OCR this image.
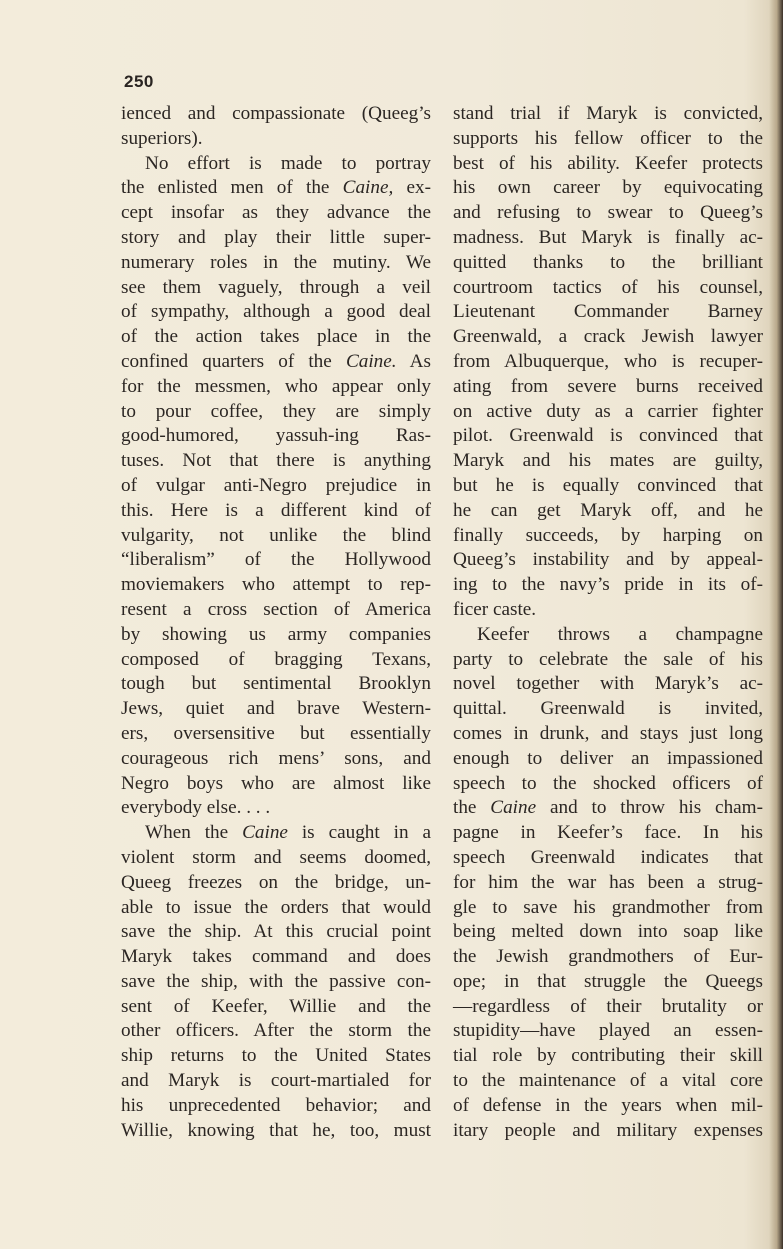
250
ienced and compassionate (Queeg’s
superiors).
No effort is made to portray
the enlisted men of the Caine, ex-
cept insofar as they advance the
story and play their little super-
numerary roles in the mutiny. We
see them vaguely, through a veil
of sympathy, although a good deal
of the action takes place in the
confined quarters of the Caine. As
for the messmen, who appear only
to pour coffee, they are simply
good-humored, yassuh-ing Ras-
tuses. Not that there is anything
of vulgar anti-Negro prejudice in
this. Here is a different kind of
vulgarity, not unlike the blind
“liberalism” of the Hollywood
moviemakers who attempt to rep-
resent a cross section of America
by showing us army companies
composed of bragging Texans,
tough but sentimental Brooklyn
Jews, quiet and brave Western-
ers, oversensitive but essentially
courageous rich mens’ sons, and
Negro boys who are almost like
everybody else. . . .
When the Caine is caught in a
violent storm and seems doomed,
Queeg freezes on the bridge, un-
able to issue the orders that would
save the ship. At this crucial point
Maryk takes command and does
save the ship, with the passive con-
sent of Keefer, Willie and the
other officers. After the storm the
ship returns to the United States
and Maryk is court-martialed for
his unprecedented behavior; and
Willie, knowing that he, too, must
stand trial if Maryk is convicted,
supports his fellow officer to the
best of his ability. Keefer protects
his own career by equivocating
and refusing to swear to Queeg’s
madness. But Maryk is finally ac-
quitted thanks to the brilliant
courtroom tactics of his counsel,
Lieutenant Commander Barney
Greenwald, a crack Jewish lawyer
from Albuquerque, who is recuper-
ating from severe burns received
on active duty as a carrier fighter
pilot. Greenwald is convinced that
Maryk and his mates are guilty,
but he is equally convinced that
he can get Maryk off, and he
finally succeeds, by harping on
Queeg’s instability and by appeal-
ing to the navy’s pride in its of-
ficer caste.
Keefer throws a champagne
party to celebrate the sale of his
novel together with Maryk’s ac-
quittal. Greenwald is invited,
comes in drunk, and stays just long
enough to deliver an impassioned
speech to the shocked officers of
the Caine and to throw his cham-
pagne in Keefer’s face. In his
speech Greenwald indicates that
for him the war has been a strug-
gle to save his grandmother from
being melted down into soap like
the Jewish grandmothers of Eur-
ope; in that struggle the Queegs
—regardless of their brutality or
stupidity—have played an essen-
tial role by contributing their skill
to the maintenance of a vital core
of defense in the years when mil-
itary people and military expenses
